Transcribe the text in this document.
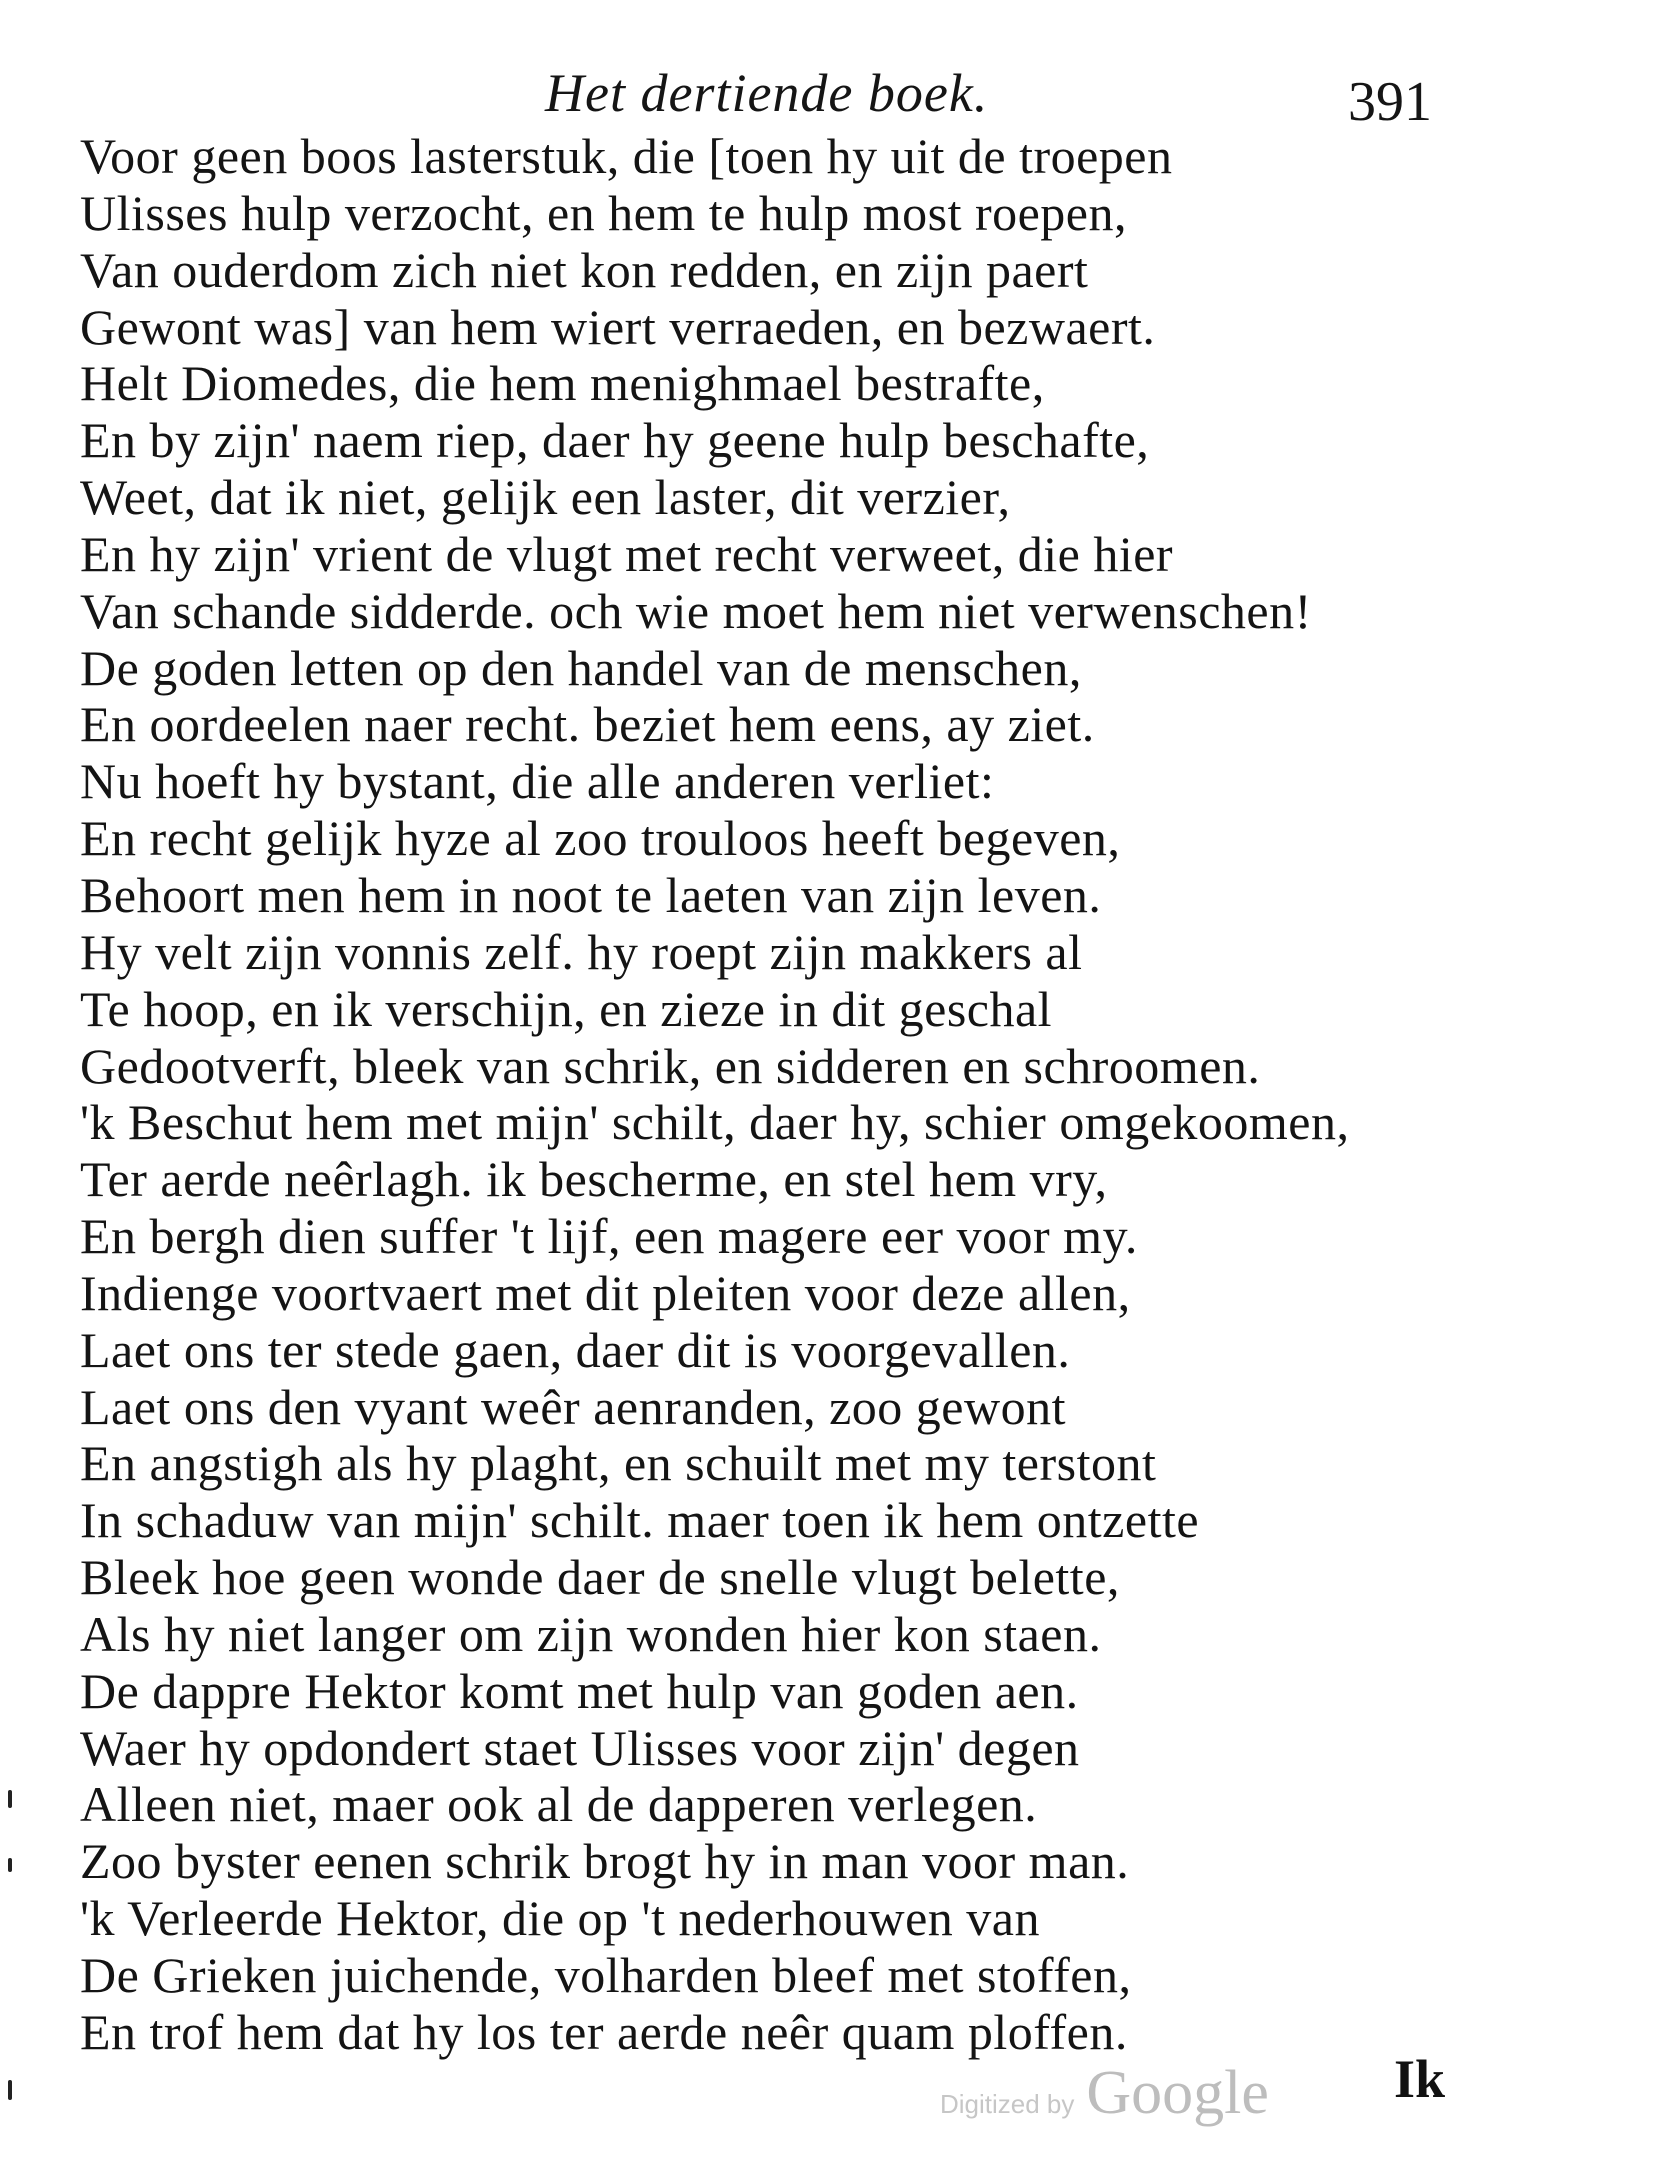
Het dertiende boek.	391
Voor geen boos lasterstuk, die [toen hy uit de troepen
Ulisses hulp verzocht, en hem te hulp most roepen,
Van ouderdom zich niet kon redden, en zijn paert
Gewont was] van hem wiert verraeden, en bezwaert.
Helt Diomedes, die hem menighmael bestrafte,
En by zijn' naem riep, daer hy geene hulp beschafte,
Weet, dat ik niet, gelijk een laster, dit verzier,
En hy zijn' vrient de vlugt met recht verweet, die hier
Van schande sidderde. och wie moet hem niet verwenschen!
De goden letten op den handel van de menschen,
En oordeelen naer recht. beziet hem eens, ay ziet.
Nu hoeft hy bystant, die alle anderen verliet:
En recht gelijk hyze al zoo trouloos heeft begeven,
Behoort men hem in noot te laeten van zijn leven.
Hy velt zijn vonnis zelf. hy roept zijn makkers al
Te hoop, en ik verschijn, en zieze in dit geschal
Gedootverft, bleek van schrik, en sidderen en schroomen.
'k Beschut hem met mijn' schilt, daer hy, schier omgekoomen,
Ter aerde neêrlagh. ik bescherme, en stel hem vry,
En bergh dien suffer 't lijf, een magere eer voor my.
Indienge voortvaert met dit pleiten voor deze allen,
Laet ons ter stede gaen, daer dit is voorgevallen.
Laet ons den vyant weêr aenranden, zoo gewont
En angstigh als hy plaght, en schuilt met my terstont
In schaduw van mijn' schilt. maer toen ik hem ontzette
Bleek hoe geen wonde daer de snelle vlugt belette,
Als hy niet langer om zijn wonden hier kon staen.
De dappre Hektor komt met hulp van goden aen.
Waer hy opdondert staet Ulisses voor zijn' degen
Alleen niet, maer ook al de dapperen verlegen.
Zoo byster eenen schrik brogt hy in man voor man.
'k Verleerde Hektor, die op 't nederhouwen van
De Grieken juichende, volharden bleef met stoffen,
En trof hem dat hy los ter aerde neêr quam ploffen.
Ik
Digitized by Google
